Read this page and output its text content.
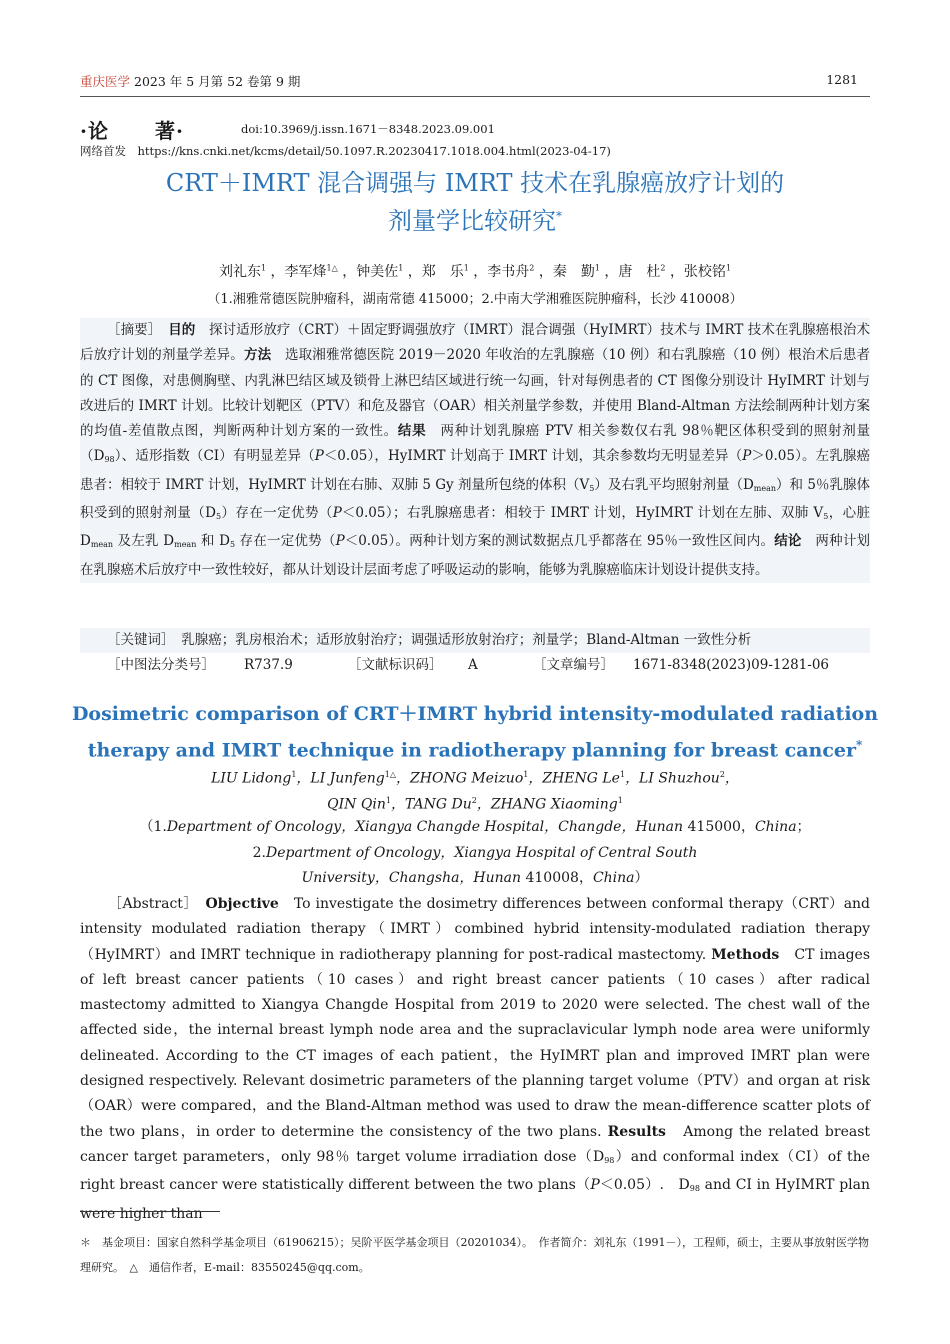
重庆医学 2023 年 5 月第 52 卷第 9 期	1281
·论 著·	doi:10.3969/j.issn.1671－8348.2023.09.001
网络首发　https://kns.cnki.net/kcms/detail/50.1097.R.20230417.1018.004.html(2023-04-17)
CRT＋IMRT 混合调强与 IMRT 技术在乳腺癌放疗计划的
剂量学比较研究*
刘礼东$^1$ ，李军烽$^{1\triangle}$ ，钟美佐$^1$ ，郑　乐$^1$ ，李书舟$^2$ ，秦　勤$^1$ ，唐　杜$^2$ ，张校铭$^1$
（1.湘雅常德医院肿瘤科，湖南常德 415000；2.中南大学湘雅医院肿瘤科，长沙 410008）

［摘要］　 目的　 探讨适形放疗（CRT）＋固定野调强放疗（IMRT）混合调强（HyIMRT）技术与 IMRT 技术在乳腺癌根治术后放疗计划的剂量学差异。方法　 选取湘雅常德医院 2019－2020 年收治的左乳腺癌（10 例）和右乳腺癌（10 例）根治术后患者的 CT 图像，对患侧胸壁、内乳淋巴结区域及锁骨上淋巴结区域进行统一勾画，针对每例患者的 CT 图像分别设计 HyIMRT 计划与改进后的 IMRT 计划。比较计划靶区（PTV）和危及器官（OAR）相关剂量学参数，并使用 Bland-Altman 方法绘制两种计划方案的均值-差值散点图，判断两种计划方案的一致性。结果　 两种计划乳腺癌 PTV 相关参数仅右乳 98％靶区体积受到的照射剂量$(D_{98})$、适形指数（CI）有明显差异（P＜0.05），HyIMRT 计划高于 IMRT 计划，其余参数均无明显差异（P＞0.05）。左乳腺癌患者：相较于 IMRT 计划，HyIMRT 计划在右肺、双肺 5 Gy 剂量所包绕的体积$(V_5)$及右乳平均照射剂量$(D_{mean})$和 5％乳腺体积受到的照射剂量$(D_5)$存在一定优势（P＜0.05）；右乳腺癌患者：相较于 IMRT 计划，HyIMRT 计划在左肺、双肺 $V_5$，心脏 $D_{mean}$ 及左乳 $D_{mean}$ 和 $D_5$ 存在一定优势（P＜0.05）。两种计划方案的测试数据点几乎都落在 95％一致性区间内。结论　 两种计划在乳腺癌术后放疗中一致性较好，都从计划设计层面考虑了呼吸运动的影响，能够为乳腺癌临床计划设计提供支持。

［关键词］　 乳腺癌；乳房根治术；适形放射治疗；调强适形放射治疗；剂量学；Bland-Altman 一致性分析
［中图法分类号］ R737.9	［文献标识码］ A	［文章编号］ 1671-8348(2023)09-1281-06
Dosimetric comparison of CRT＋IMRT hybrid intensity-modulated radiation
therapy and IMRT technique in radiotherapy planning for breast cancer*
LIU Lidong$^1$，LI Junfeng$^{1\triangle}$，ZHONG Meizuo$^1$，ZHENG Le$^1$，LI Shuzhou$^2$，
QIN Qin$^1$，TANG Du$^2$，ZHANG Xiaoming$^1$
（1.Department of Oncology，Xiangya Changde Hospital，Changde，Hunan 415000，China；
2.Department of Oncology，Xiangya Hospital of Central South
University，Changsha，Hunan 410008，China）

［Abstract］　 Objective　 To investigate the dosimetry differences between conformal therapy（CRT）and intensity modulated radiation therapy（IMRT）combined hybrid intensity-modulated radiation therapy（HyIMRT）and IMRT technique in radiotherapy planning for post-radical mastectomy. Methods　 CT images of left breast cancer patients（10 cases）and right breast cancer patients（10 cases）after radical mastectomy admitted to Xiangya Changde Hospital from 2019 to 2020 were selected. The chest wall of the affected side，the internal breast lymph node area and the supraclavicular lymph node area were uniformly delineated. According to the CT images of each patient，the HyIMRT plan and improved IMRT plan were designed respectively. Relevant dosimetric parameters of the planning target volume（PTV）and organ at risk（OAR）were compared，and the Bland-Altman method was used to draw the mean-difference scatter plots of the two plans，in order to determine the consistency of the two plans. Results　 Among the related breast cancer target parameters，only 98％ target volume irradiation $dose(D_{98})and$ conformal index（CI）of the right breast cancer were statistically different between the two plans（P＜0.05）.　$D_{98}$ and CI in HyIMRT plan were higher than

＊　 基金项目：国家自然科学基金项目（61906215）；吴阶平医学基金项目（20201034）。　 作者简介：刘礼东（1991－），工程师，硕士，主要从事放射医学物理研究。　 △　 通信作者，E-mail：83550245@qq.com。
